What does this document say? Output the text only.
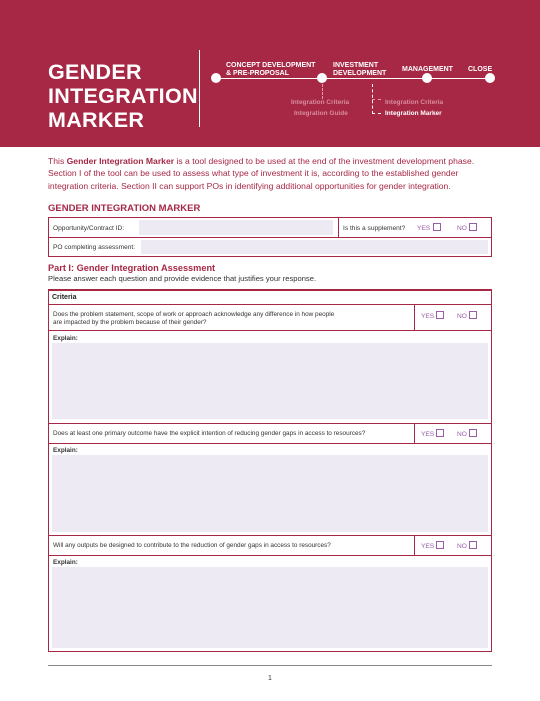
GENDER
INTEGRATION
MARKER
CONCEPT DEVELOPMENT
& PRE-PROPOSAL
INVESTMENT
DEVELOPMENT
MANAGEMENT CLOSE
Integration Criteria
Integration Guide
Integration Criteria
Integration Marker

This Gender Integration Marker is a tool designed to be used at the end of the investment development phase. Section I of the tool can be used to assess what type of investment it is, according to the established gender integration criteria. Section II can support POs in identifying additional opportunities for gender integration.

GENDER INTEGRATION MARKER
Opportunity/Contract ID:	Is this a supplement? YES	NO
PO completing assessment:
Part I: Gender Integration Assessment
Please answer each question and provide evidence that justifies your response.
Criteria
Does the problem statement, scope of work or approach acknowledge any difference in how people
are impacted by the problem because of their gender?
YES	NO
Explain:
Does at least one primary outcome have the explicit intention of reducing gender gaps in access to resources?	YES	NO
Explain:
Will any outputs be designed to contribute to the reduction of gender gaps in access to resources?	YES	NO
Explain:
1
